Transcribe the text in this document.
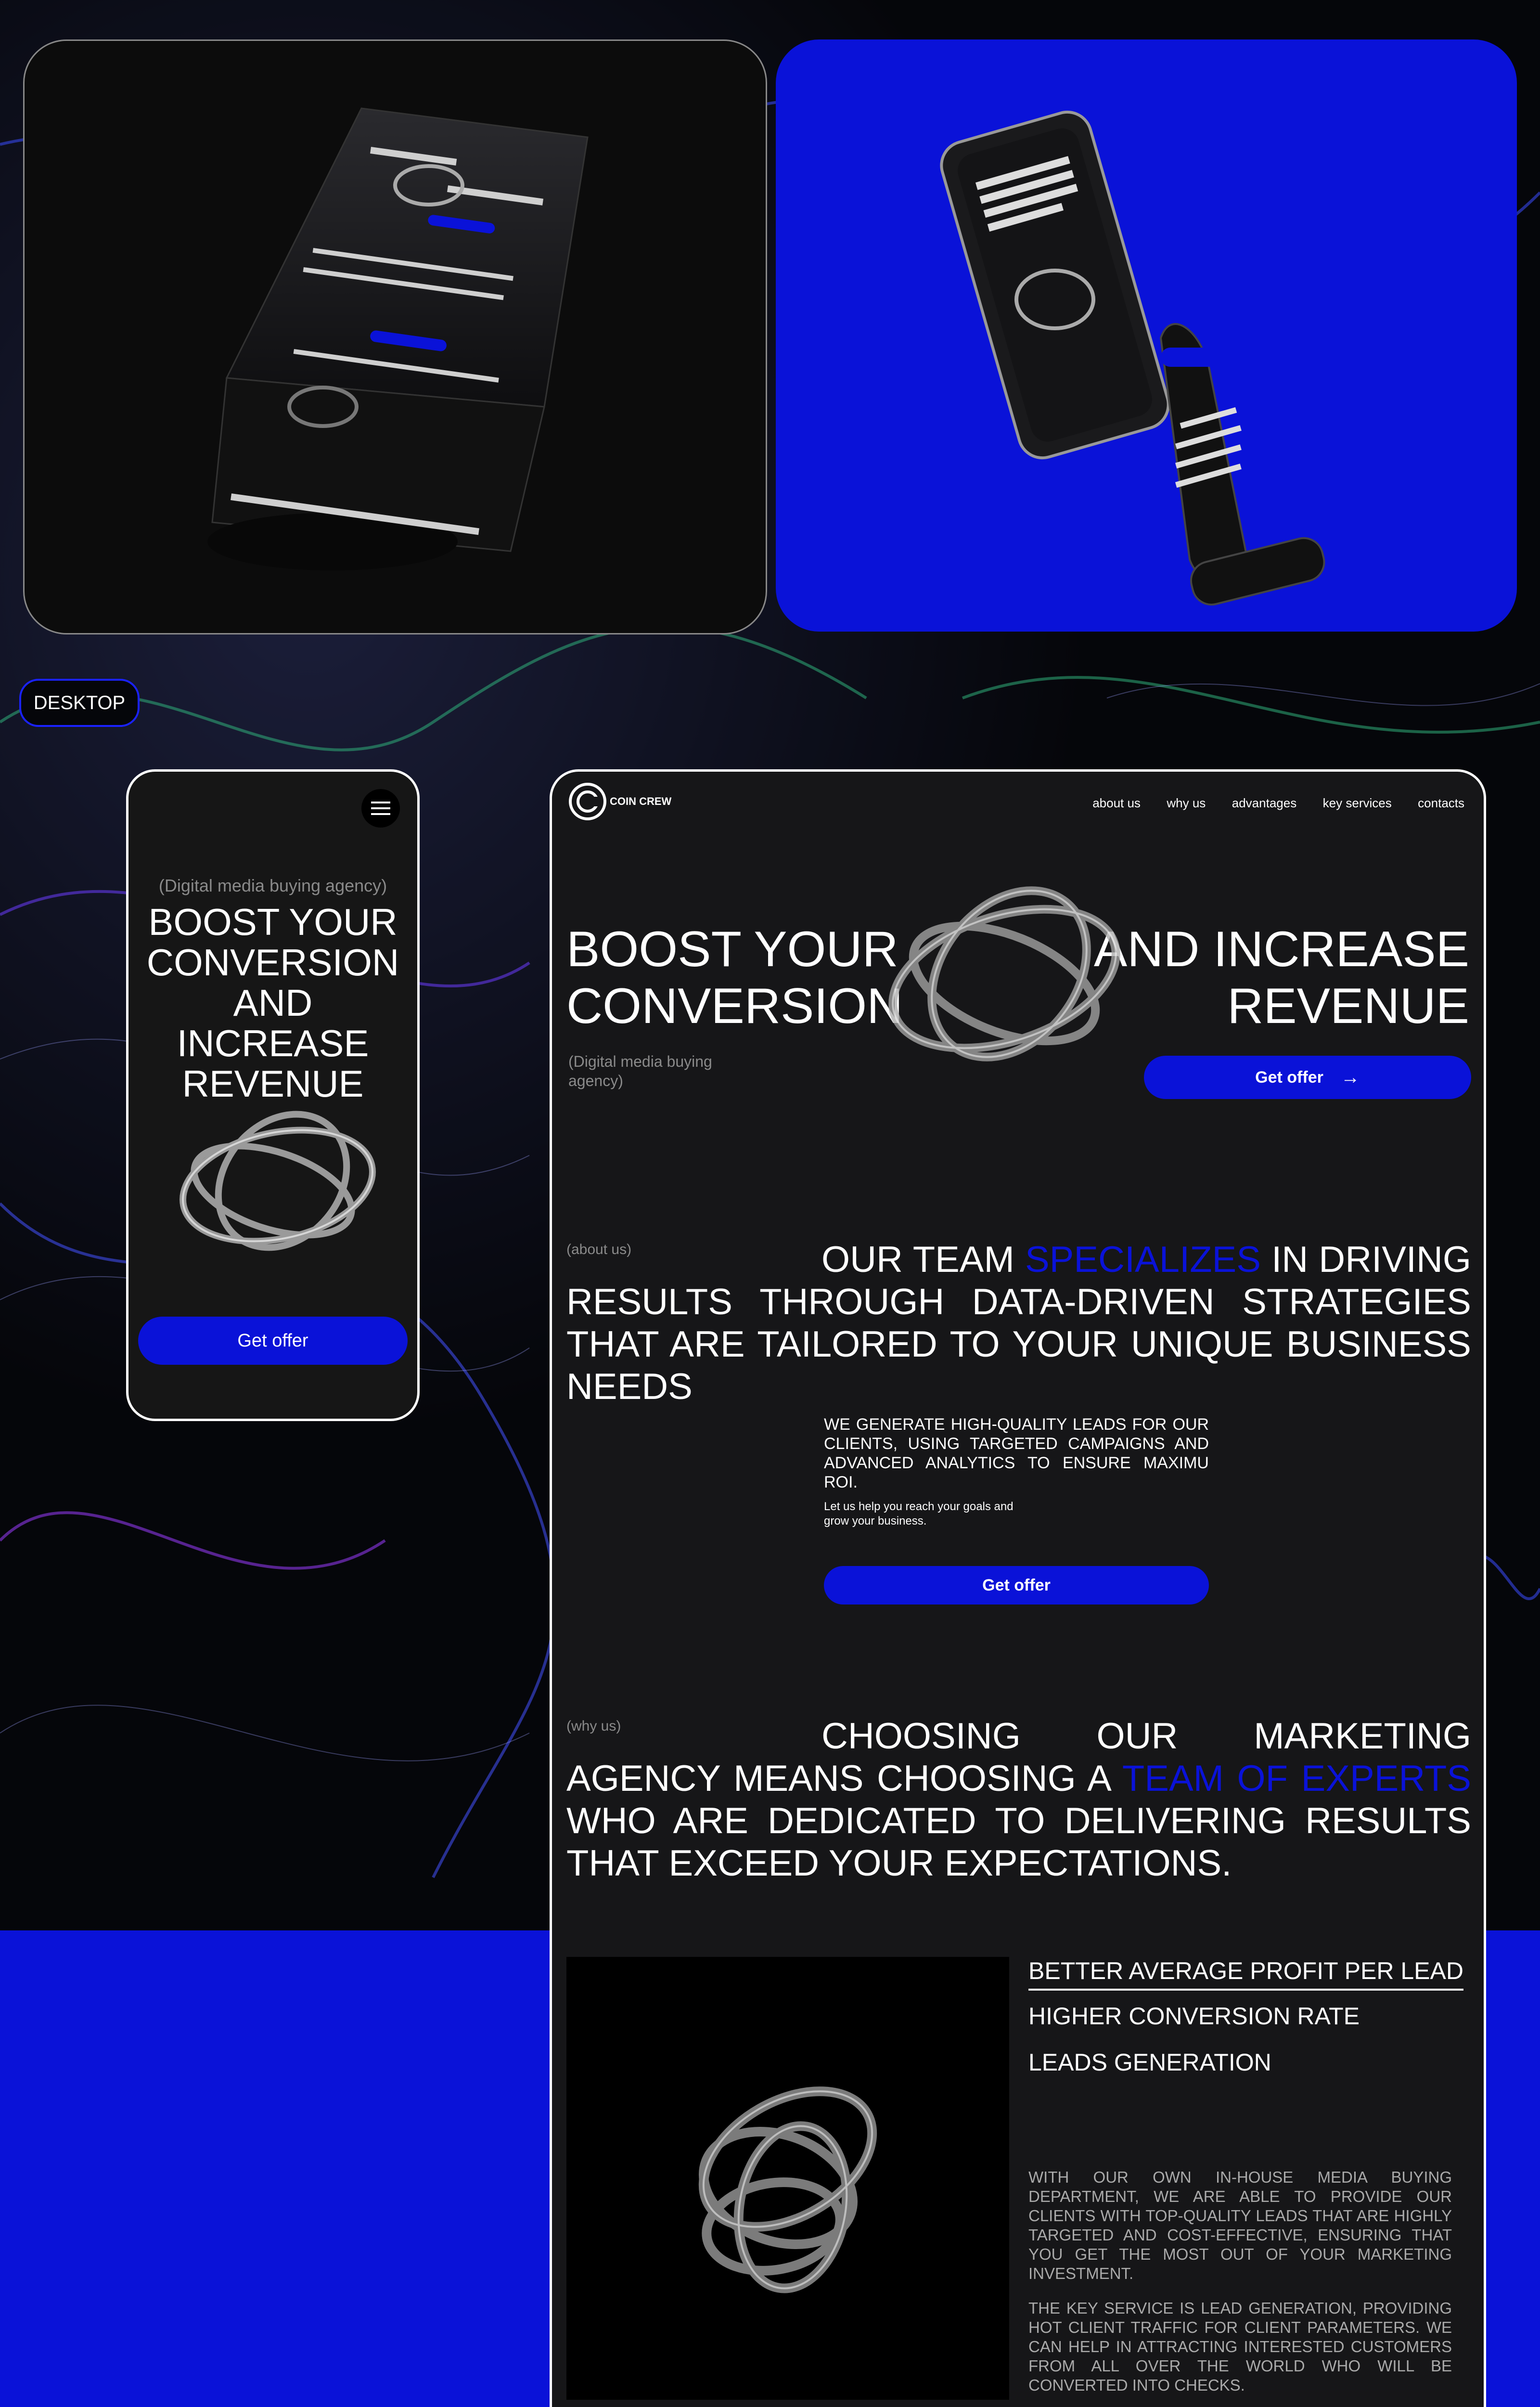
DESKTOP
(Digital media buying agency)
BOOST YOUR CONVERSION AND INCREASE REVENUE
Get offer
COIN CREW	about us why us advantages key services contacts
BOOST YOUR
CONVERSION
AND INCREASE
REVENUE
(Digital media buying agency)	Get offer →
(about us)	OUR TEAM SPECIALIZES IN DRIVING RESULTS THROUGH DATA-DRIVEN STRATEGIES THAT ARE TAILORED TO YOUR UNIQUE BUSINESS NEEDS
WE GENERATE HIGH-QUALITY LEADS FOR OUR CLIENTS, USING TARGETED CAMPAIGNS AND ADVANCED ANALYTICS TO ENSURE MAXIMU ROI.
Let us help you reach your goals and grow your business.
Get offer
(why us)	CHOOSING OUR MARKETING AGENCY MEANS CHOOSING A TEAM OF EXPERTS WHO ARE DEDICATED TO DELIVERING RESULTS THAT EXCEED YOUR EXPECTATIONS.
BETTER AVERAGE PROFIT PER LEAD
HIGHER CONVERSION RATE
LEADS GENERATION
WITH OUR OWN IN-HOUSE MEDIA BUYING DEPARTMENT, WE ARE ABLE TO PROVIDE OUR CLIENTS WITH TOP-QUALITY LEADS THAT ARE HIGHLY TARGETED AND COST-EFFECTIVE, ENSURING THAT YOU GET THE MOST OUT OF YOUR MARKETING INVESTMENT.
THE KEY SERVICE IS LEAD GENERATION, PROVIDING HOT CLIENT TRAFFIC FOR CLIENT PARAMETERS. WE CAN HELP IN ATTRACTING INTERESTED CUSTOMERS FROM ALL OVER THE WORLD WHO WILL BE CONVERTED INTO CHECKS.
